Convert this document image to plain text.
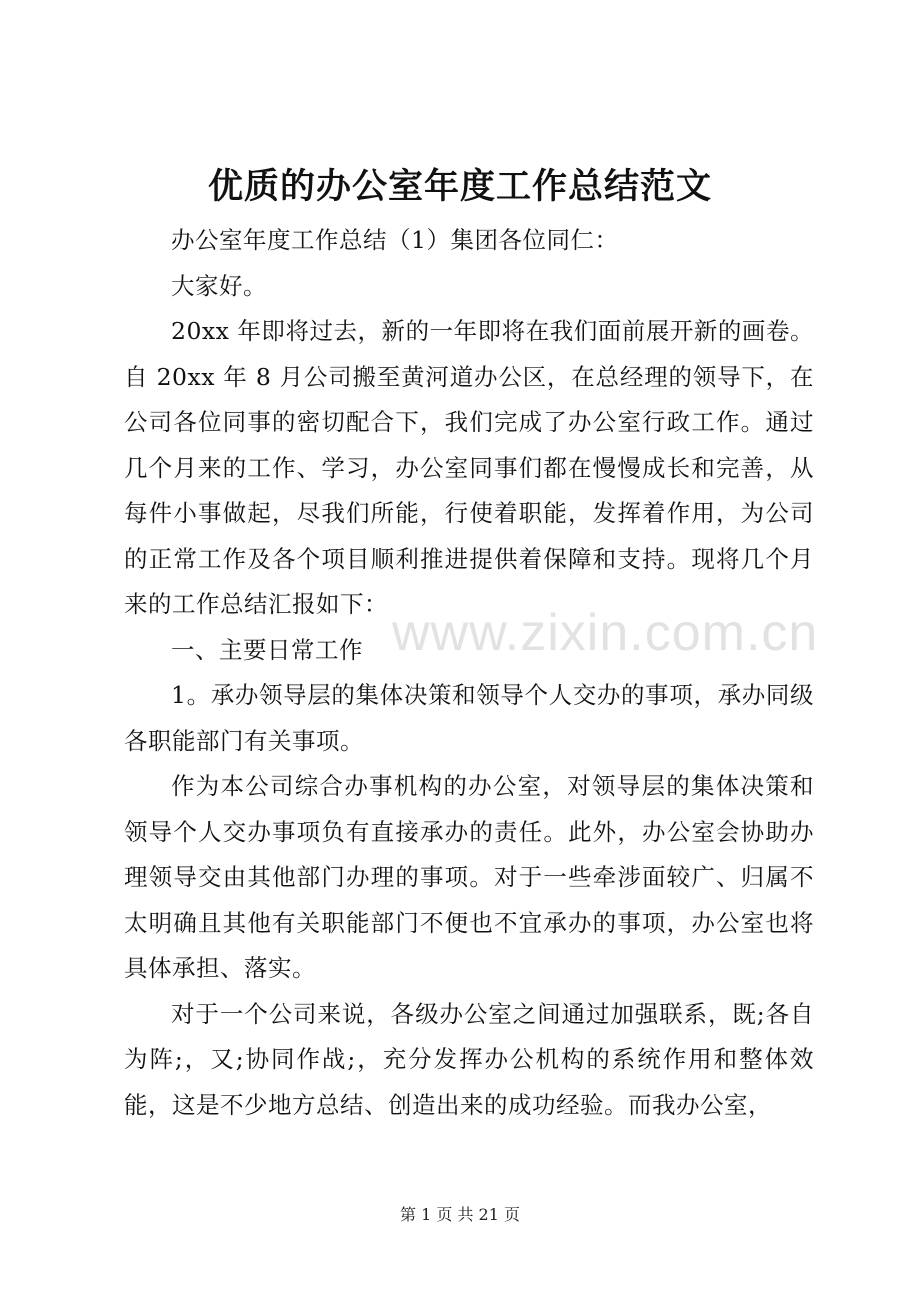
优质的办公室年度工作总结范文

办公室年度工作总结（1）集团各位同仁：

大家好。

20xx 年即将过去，新的一年即将在我们面前展开新的画卷。自 20xx 年 8 月公司搬至黄河道办公区，在总经理的领导下，在公司各位同事的密切配合下，我们完成了办公室行政工作。通过几个月来的工作、学习，办公室同事们都在慢慢成长和完善，从每件小事做起，尽我们所能，行使着职能，发挥着作用，为公司的正常工作及各个项目顺利推进提供着保障和支持。现将几个月来的工作总结汇报如下：

一、主要日常工作

1。承办领导层的集体决策和领导个人交办的事项，承办同级各职能部门有关事项。

作为本公司综合办事机构的办公室，对领导层的集体决策和领导个人交办事项负有直接承办的责任。此外，办公室会协助办理领导交由其他部门办理的事项。对于一些牵涉面较广、归属不太明确且其他有关职能部门不便也不宜承办的事项，办公室也将具体承担、落实。

对于一个公司来说，各级办公室之间通过加强联系，既;各自为阵;，又;协同作战;，充分发挥办公机构的系统作用和整体效能，这是不少地方总结、创造出来的成功经验。而我办公室，

www.zixin.com.cn
第 1 页 共 21 页
